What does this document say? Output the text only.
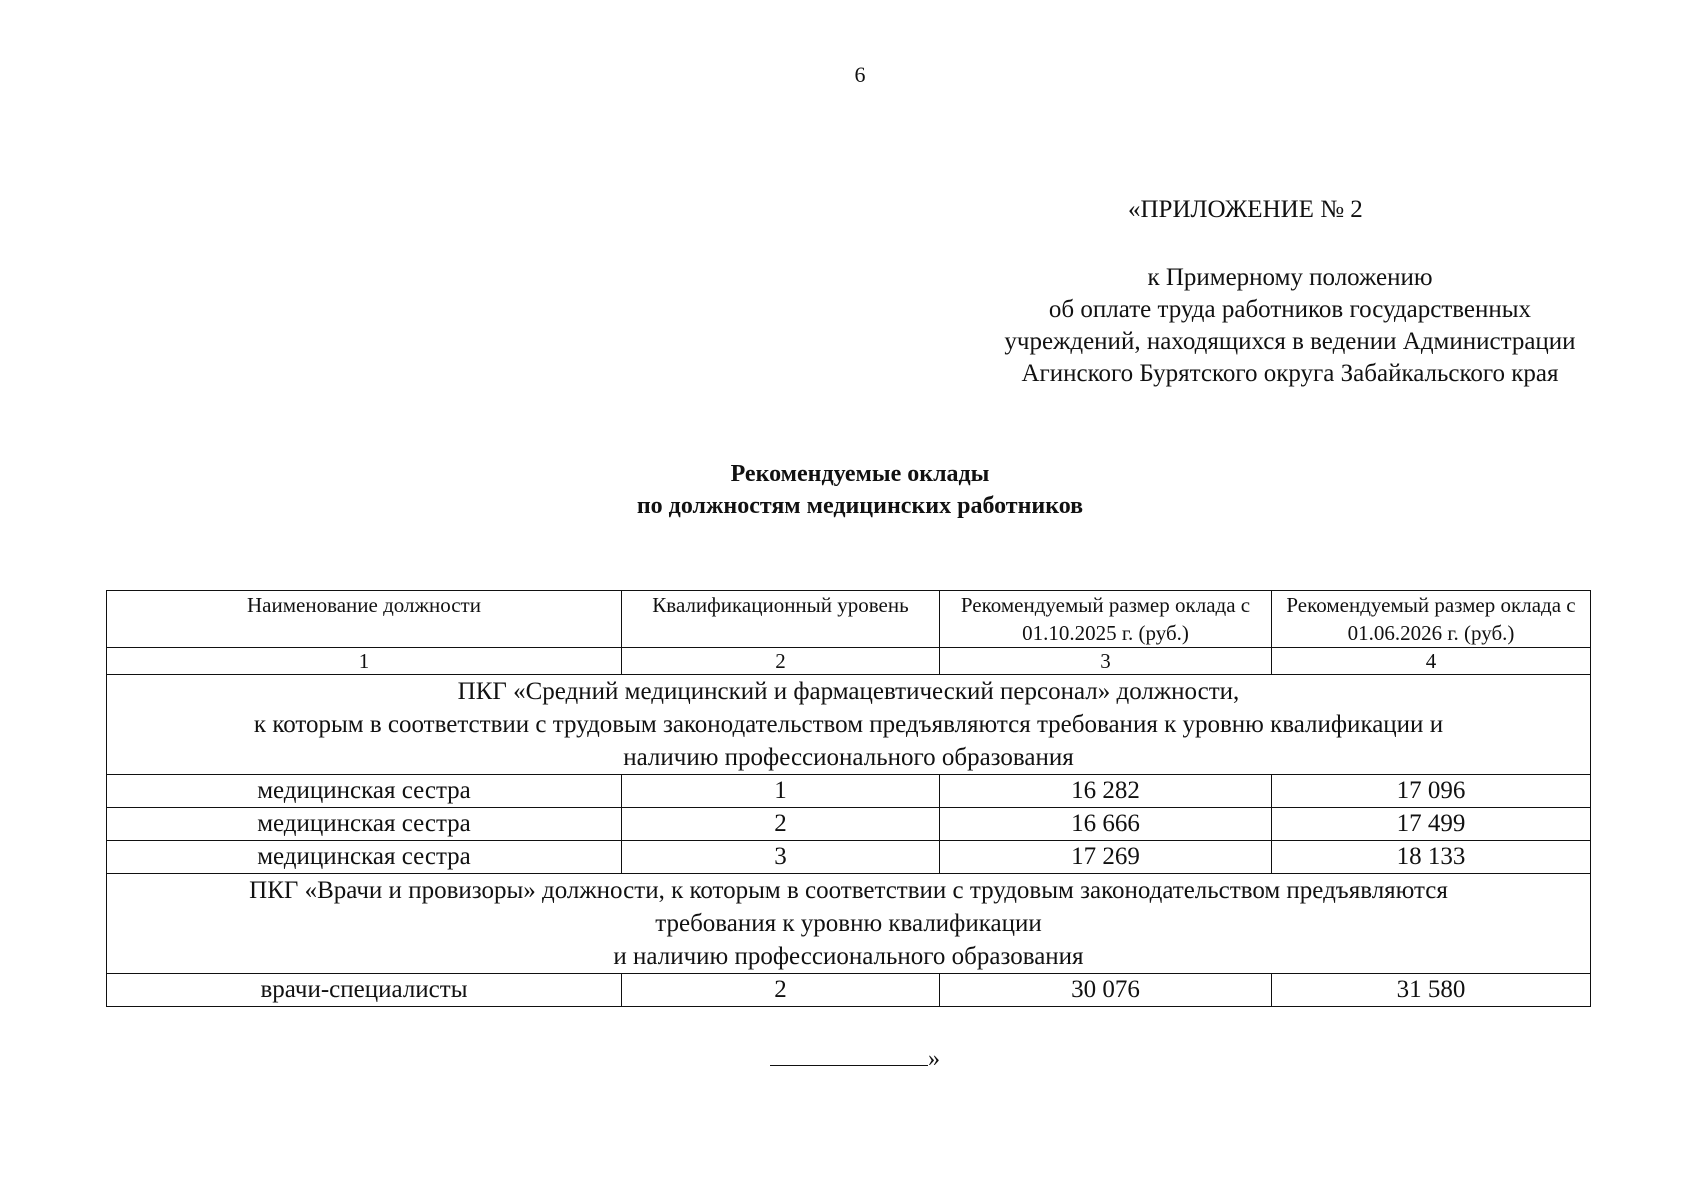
6
«ПРИЛОЖЕНИЕ № 2
к Примерному положению
об оплате труда работников государственных
учреждений, находящихся в ведении Администрации
Агинского Бурятского округа Забайкальского края
Рекомендуемые оклады
по должностям медицинских работников
Наименование должности	Квалификационный уровень	Рекомендуемый размер оклада с 01.10.2025 г. (руб.)	Рекомендуемый размер оклада с 01.06.2026 г. (руб.)
1	2	3	4

ПКГ «Средний медицинский и фармацевтический персонал» должности,
к которым в соответствии с трудовым законодательством предъявляются требования к уровню квалификации и
наличию профессионального образования			

медицинская сестра	1	16 282	17 096
медицинская сестра	2	16 666	17 499
медицинская сестра	3	17 269	18 133

ПКГ «Врачи и провизоры» должности, к которым в соответствии с трудовым законодательством предъявляются
требования к уровню квалификации
и наличию профессионального образования			

врачи-специалисты	2	30 076	31 580
»
